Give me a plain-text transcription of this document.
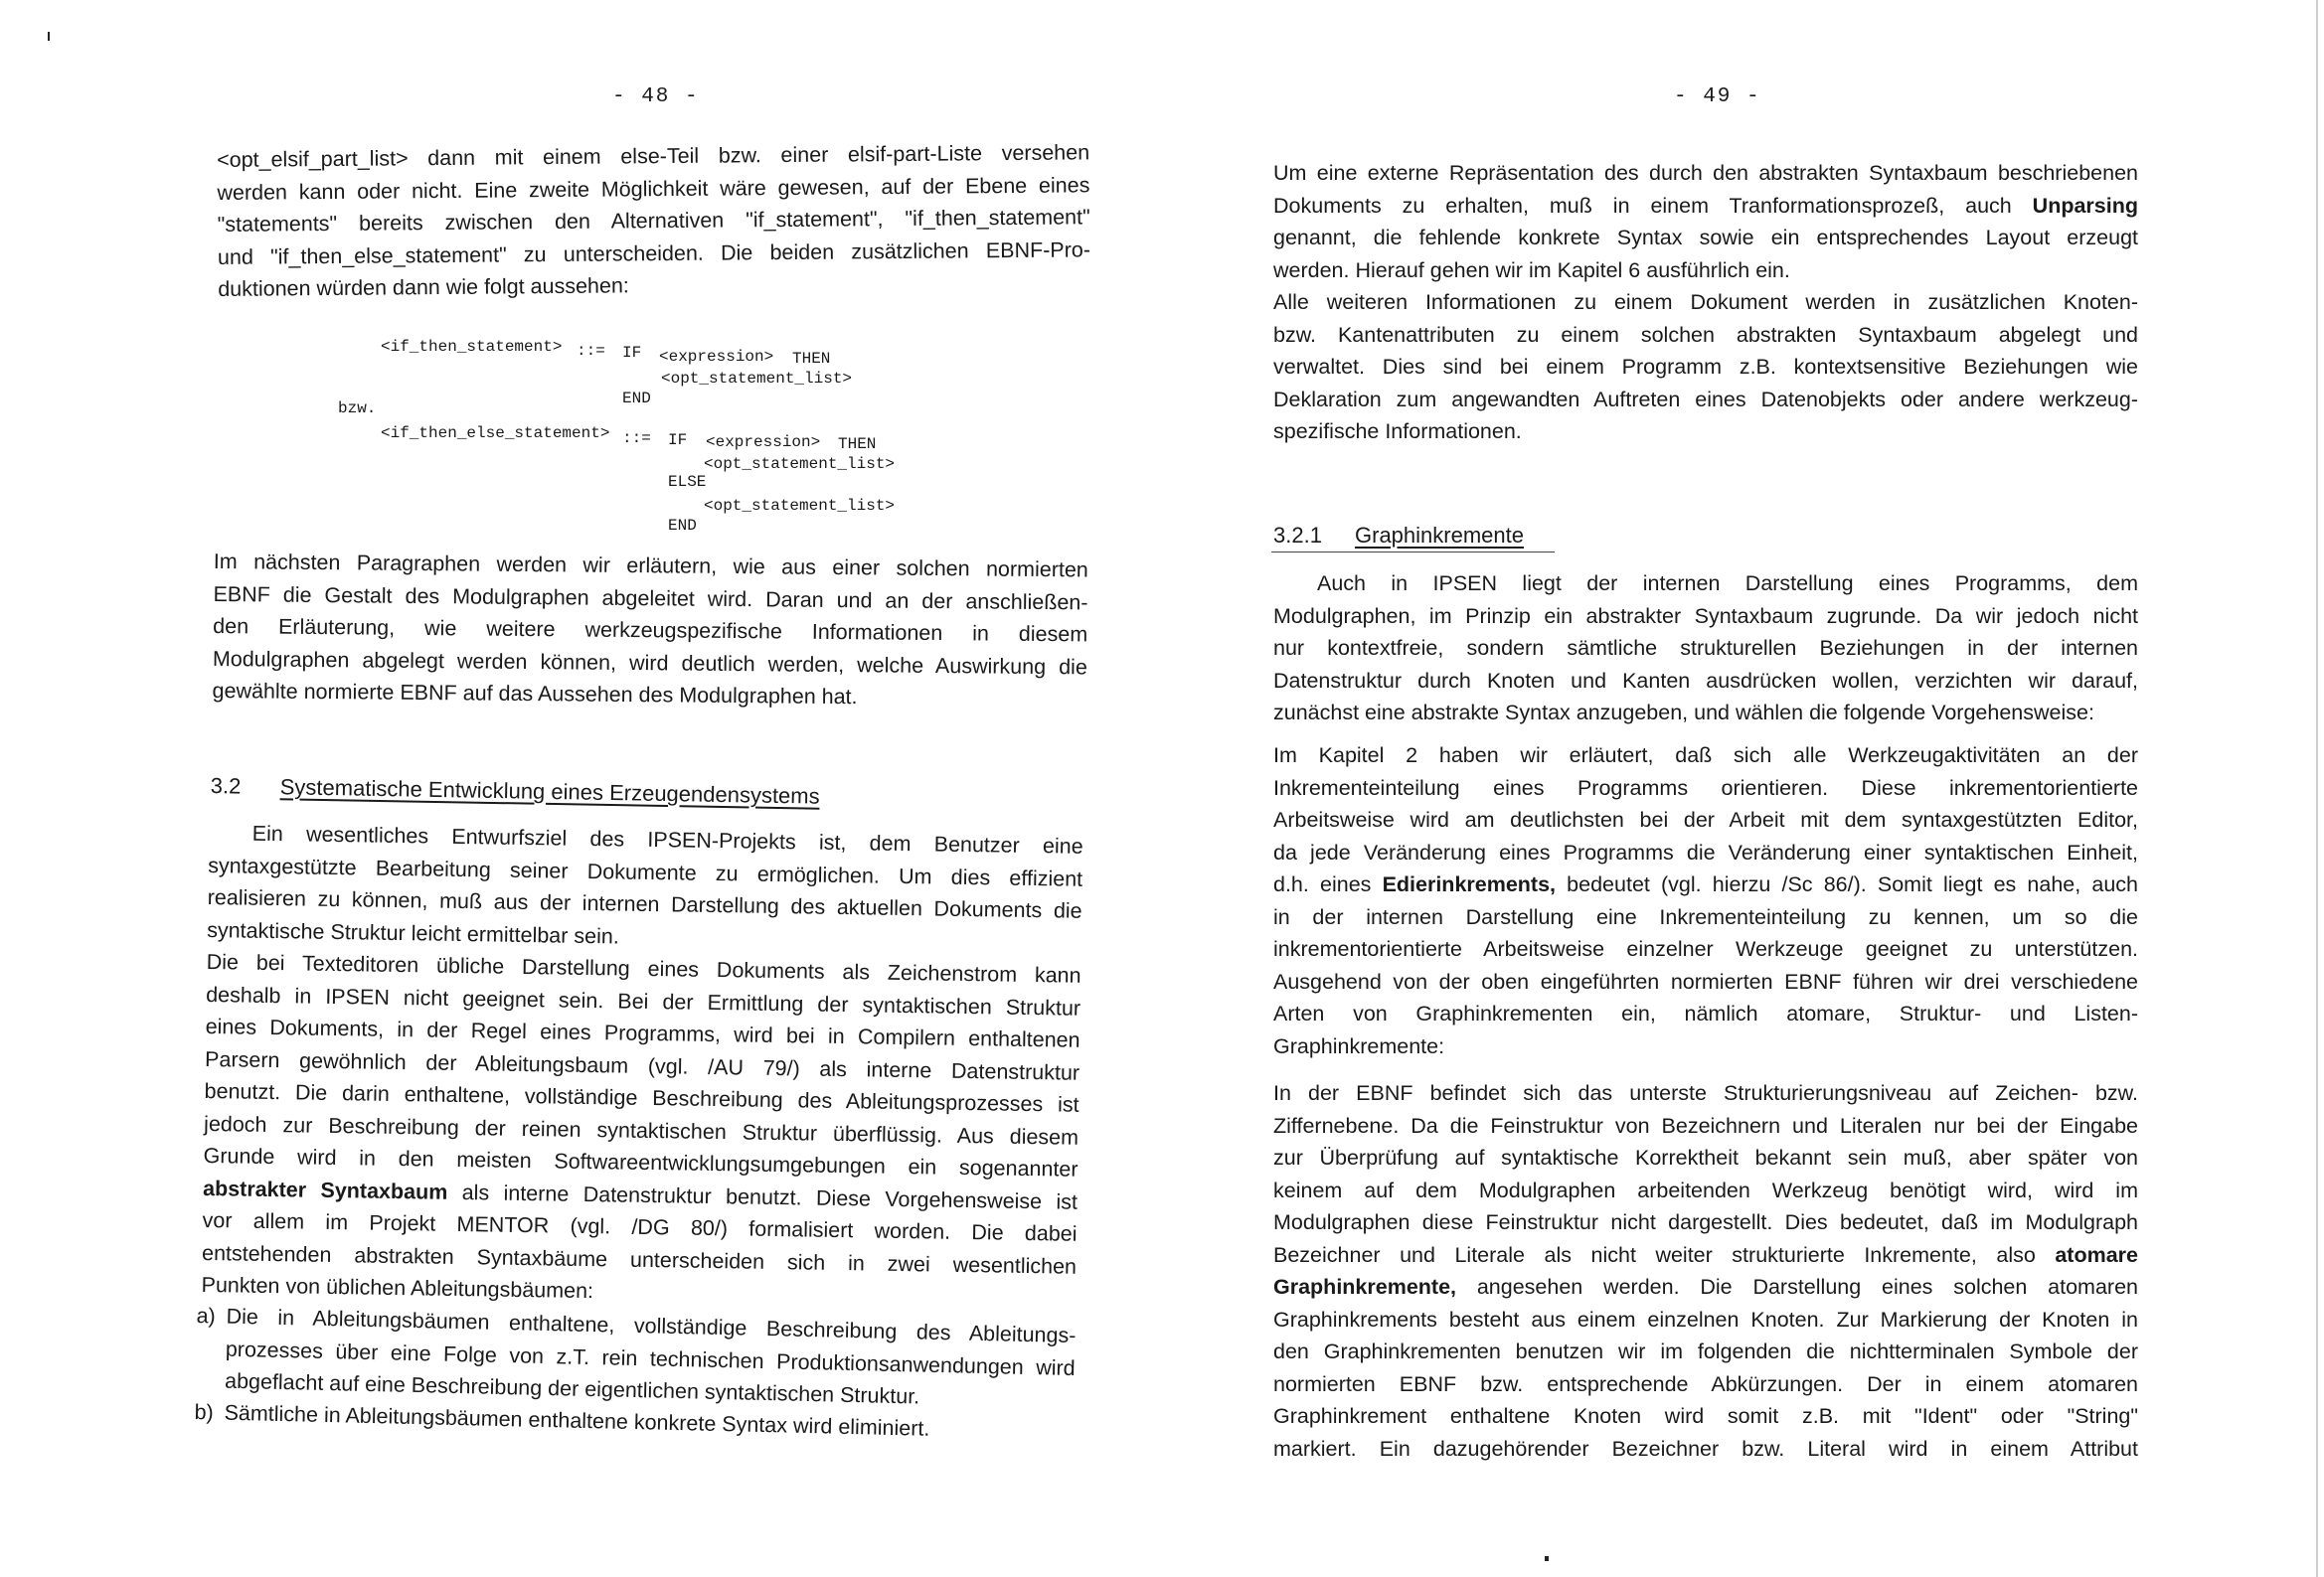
- 48 -
<opt_elsif_part_list> dann mit einem else-Teil bzw. einer elsif-part-Liste versehen
werden kann oder nicht. Eine zweite Möglichkeit wäre gewesen, auf der Ebene eines
"statements" bereits zwischen den Alternativen "if_statement", "if_then_statement"
und "if_then_else_statement" zu unterscheiden. Die beiden zusätzlichen EBNF-Pro-
duktionen würden dann wie folgt aussehen:
<if_then_statement> ::= IF <expression> THEN
<opt_statement_list>
END
bzw.
<if_then_else_statement> ::= IF <expression> THEN
<opt_statement_list>
ELSE
<opt_statement_list>
END
Im nächsten Paragraphen werden wir erläutern, wie aus einer solchen normierten
EBNF die Gestalt des Modulgraphen abgeleitet wird. Daran und an der anschließen-
den Erläuterung, wie weitere werkzeugspezifische Informationen in diesem
Modulgraphen abgelegt werden können, wird deutlich werden, welche Auswirkung die
gewählte normierte EBNF auf das Aussehen des Modulgraphen hat.
3.2 Systematische Entwicklung eines Erzeugendensystems
Ein wesentliches Entwurfsziel des IPSEN-Projekts ist, dem Benutzer eine
syntaxgestützte Bearbeitung seiner Dokumente zu ermöglichen. Um dies effizient
realisieren zu können, muß aus der internen Darstellung des aktuellen Dokuments die
syntaktische Struktur leicht ermittelbar sein.
Die bei Texteditoren übliche Darstellung eines Dokuments als Zeichenstrom kann
deshalb in IPSEN nicht geeignet sein. Bei der Ermittlung der syntaktischen Struktur
eines Dokuments, in der Regel eines Programms, wird bei in Compilern enthaltenen
Parsern gewöhnlich der Ableitungsbaum (vgl. /AU 79/) als interne Datenstruktur
benutzt. Die darin enthaltene, vollständige Beschreibung des Ableitungsprozesses ist
jedoch zur Beschreibung der reinen syntaktischen Struktur überflüssig. Aus diesem
Grunde wird in den meisten Softwareentwicklungsumgebungen ein sogenannter
abstrakter Syntaxbaum als interne Datenstruktur benutzt. Diese Vorgehensweise ist
vor allem im Projekt MENTOR (vgl. /DG 80/) formalisiert worden. Die dabei
entstehenden abstrakten Syntaxbäume unterscheiden sich in zwei wesentlichen
Punkten von üblichen Ableitungsbäumen:
a) Die in Ableitungsbäumen enthaltene, vollständige Beschreibung des Ableitungs-
prozesses über eine Folge von z.T. rein technischen Produktionsanwendungen wird
abgeflacht auf eine Beschreibung der eigentlichen syntaktischen Struktur.
b) Sämtliche in Ableitungsbäumen enthaltene konkrete Syntax wird eliminiert.
- 49 -
Um eine externe Repräsentation des durch den abstrakten Syntaxbaum beschriebenen
Dokuments zu erhalten, muß in einem Tranformationsprozeß, auch Unparsing
genannt, die fehlende konkrete Syntax sowie ein entsprechendes Layout erzeugt
werden. Hierauf gehen wir im Kapitel 6 ausführlich ein.
Alle weiteren Informationen zu einem Dokument werden in zusätzlichen Knoten-
bzw. Kantenattributen zu einem solchen abstrakten Syntaxbaum abgelegt und
verwaltet. Dies sind bei einem Programm z.B. kontextsensitive Beziehungen wie
Deklaration zum angewandten Auftreten eines Datenobjekts oder andere werkzeug-
spezifische Informationen.
3.2.1 Graphinkremente
Auch in IPSEN liegt der internen Darstellung eines Programms, dem
Modulgraphen, im Prinzip ein abstrakter Syntaxbaum zugrunde. Da wir jedoch nicht
nur kontextfreie, sondern sämtliche strukturellen Beziehungen in der internen
Datenstruktur durch Knoten und Kanten ausdrücken wollen, verzichten wir darauf,
zunächst eine abstrakte Syntax anzugeben, und wählen die folgende Vorgehensweise:
Im Kapitel 2 haben wir erläutert, daß sich alle Werkzeugaktivitäten an der
Inkrementeinteilung eines Programms orientieren. Diese inkrementorientierte
Arbeitsweise wird am deutlichsten bei der Arbeit mit dem syntaxgestützten Editor,
da jede Veränderung eines Programms die Veränderung einer syntaktischen Einheit,
d.h. eines Edierinkrements, bedeutet (vgl. hierzu /Sc 86/). Somit liegt es nahe, auch
in der internen Darstellung eine Inkrementeinteilung zu kennen, um so die
inkrementorientierte Arbeitsweise einzelner Werkzeuge geeignet zu unterstützen.
Ausgehend von der oben eingeführten normierten EBNF führen wir drei verschiedene
Arten von Graphinkrementen ein, nämlich atomare, Struktur- und Listen-
Graphinkremente:
In der EBNF befindet sich das unterste Strukturierungsniveau auf Zeichen- bzw.
Ziffernebene. Da die Feinstruktur von Bezeichnern und Literalen nur bei der Eingabe
zur Überprüfung auf syntaktische Korrektheit bekannt sein muß, aber später von
keinem auf dem Modulgraphen arbeitenden Werkzeug benötigt wird, wird im
Modulgraphen diese Feinstruktur nicht dargestellt. Dies bedeutet, daß im Modulgraph
Bezeichner und Literale als nicht weiter strukturierte Inkremente, also atomare
Graphinkremente, angesehen werden. Die Darstellung eines solchen atomaren
Graphinkrements besteht aus einem einzelnen Knoten. Zur Markierung der Knoten in
den Graphinkrementen benutzen wir im folgenden die nichtterminalen Symbole der
normierten EBNF bzw. entsprechende Abkürzungen. Der in einem atomaren
Graphinkrement enthaltene Knoten wird somit z.B. mit "Ident" oder "String"
markiert. Ein dazugehörender Bezeichner bzw. Literal wird in einem Attribut
